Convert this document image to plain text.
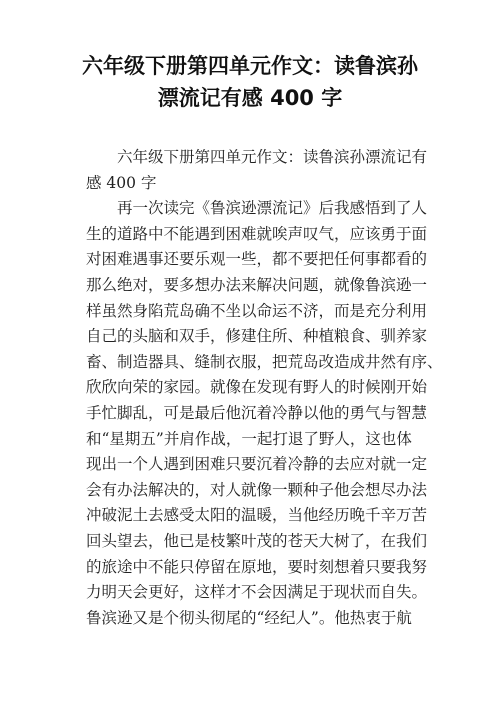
六年级下册第四单元作文：读鲁滨孙
漂流记有感 400 字
六年级下册第四单元作文：读鲁滨孙漂流记有
感 400 字
再一次读完《鲁滨逊漂流记》后我感悟到了人
生的道路中不能遇到困难就唉声叹气，应该勇于面
对困难遇事还要乐观一些，都不要把任何事都看的
那么绝对，要多想办法来解决问题，就像鲁滨逊一
样虽然身陷荒岛确不坐以命运不济，而是充分利用
自己的头脑和双手，修建住所、种植粮食、驯养家
畜、制造器具、缝制衣服，把荒岛改造成井然有序、
欣欣向荣的家园。就像在发现有野人的时候刚开始
手忙脚乱，可是最后他沉着冷静以他的勇气与智慧
和“星期五”并肩作战，一起打退了野人，这也体
现出一个人遇到困难只要沉着冷静的去应对就一定
会有办法解决的，对人就像一颗种子他会想尽办法
冲破泥土去感受太阳的温暖，当他经历晚千辛万苦
回头望去，他已是枝繁叶茂的苍天大树了，在我们
的旅途中不能只停留在原地，要时刻想着只要我努
力明天会更好，这样才不会因满足于现状而自失。
鲁滨逊又是个彻头彻尾的“经纪人”。他热衷于航
